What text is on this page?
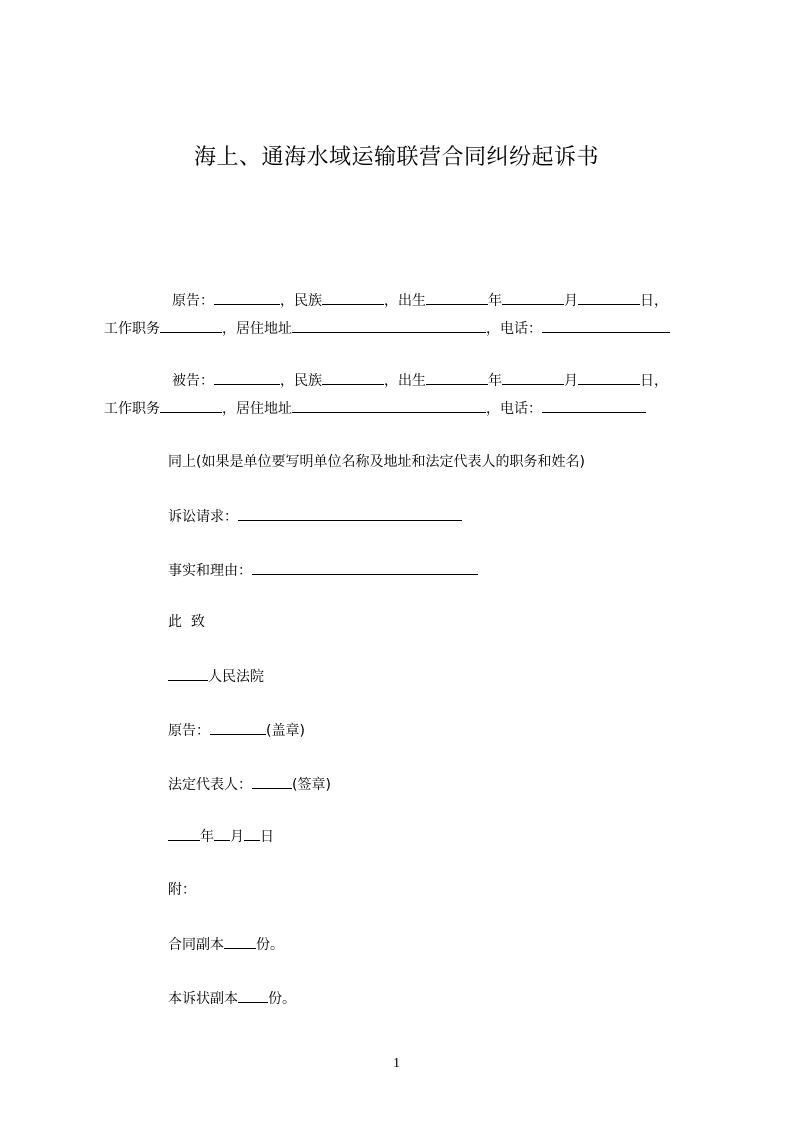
海上、通海水域运输联营合同纠纷起诉书
原告：	，民族	，出生	年	月	日，
工作职务	，居住地址	，电话：
被告：	，民族	，出生	年	月	日，
工作职务	，居住地址	，电话：
同上(如果是单位要写明单位名称及地址和法定代表人的职务和姓名)
诉讼请求：
事实和理由：
此  致
人民法院
原告：	(盖章)
法定代表人：	(签章)
年 月 日
附：
合同副本 份。
本诉状副本 份。
1
